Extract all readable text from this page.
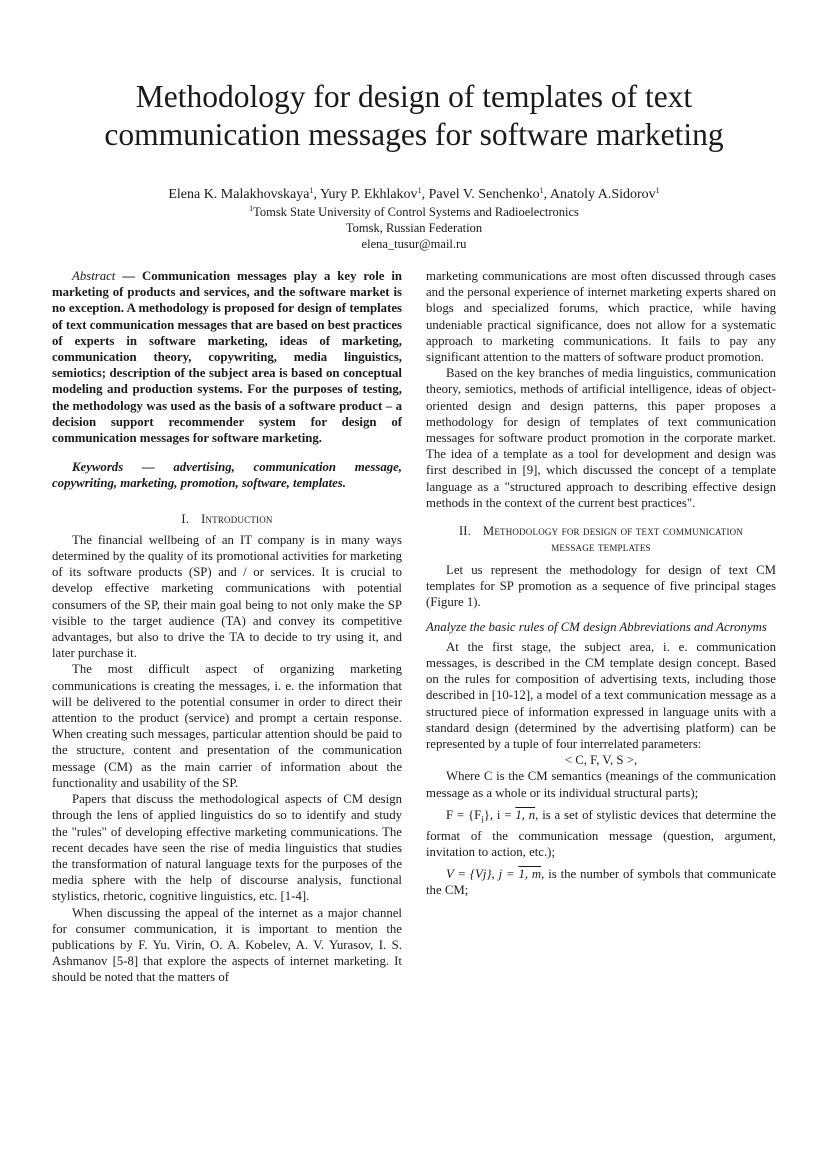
Methodology for design of templates of text communication messages for software marketing
Elena K. Malakhovskaya$^1$, Yury P. Ekhlakov$^1$, Pavel V. Senchenko$^1$, Anatoly A.Sidorov$^1$
$^1$Tomsk State University of Control Systems and Radioelectronics
Tomsk, Russian Federation
elena_tusur@mail.ru

Abstract — Communication messages play a key role in marketing of products and services, and the software market is no exception. A methodology is proposed for design of templates of text communication messages that are based on best practices of experts in software marketing, ideas of marketing, communication theory, copywriting, media linguistics, semiotics; description of the subject area is based on conceptual modeling and production systems. For the purposes of testing, the methodology was used as the basis of a software product – a decision support recommender system for design of communication messages for software marketing.

Keywords — advertising, communication message, copywriting, marketing, promotion, software, templates.

I. Introduction

The financial wellbeing of an IT company is in many ways determined by the quality of its promotional activities for marketing of its software products (SP) and / or services. It is crucial to develop effective marketing communications with potential consumers of the SP, their main goal being to not only make the SP visible to the target audience (TA) and convey its competitive advantages, but also to drive the TA to decide to try using it, and later purchase it.

The most difficult aspect of organizing marketing communications is creating the messages, i. e. the information that will be delivered to the potential consumer in order to direct their attention to the product (service) and prompt a certain response. When creating such messages, particular attention should be paid to the structure, content and presentation of the communication message (CM) as the main carrier of information about the functionality and usability of the SP.

Papers that discuss the methodological aspects of CM design through the lens of applied linguistics do so to identify and study the "rules" of developing effective marketing communications. The recent decades have seen the rise of media linguistics that studies the transformation of natural language texts for the purposes of the media sphere with the help of discourse analysis, functional stylistics, rhetoric, cognitive linguistics, etc. [1-4].

When discussing the appeal of the internet as a major channel for consumer communication, it is important to mention the publications by F. Yu. Virin, O. A. Kobelev, A. V. Yurasov, I. S. Ashmanov [5-8] that explore the aspects of internet marketing. It should be noted that the matters of

marketing communications are most often discussed through cases and the personal experience of internet marketing experts shared on blogs and specialized forums, which practice, while having undeniable practical significance, does not allow for a systematic approach to marketing communications. It fails to pay any significant attention to the matters of software product promotion.

Based on the key branches of media linguistics, communication theory, semiotics, methods of artificial intelligence, ideas of object-oriented design and design patterns, this paper proposes a methodology for design of templates of text communication messages for software product promotion in the corporate market. The idea of a template as a tool for development and design was first described in [9], which discussed the concept of a template language as a "structured approach to describing effective design methods in the context of the current best practices".

II. Methodology for design of text communication
message templates

Let us represent the methodology for design of text CM templates for SP promotion as a sequence of five principal stages (Figure 1).

Analyze the basic rules of CM design Abbreviations and Acronyms

At the first stage, the subject area, i. e. communication messages, is described in the CM template design concept. Based on the rules for composition of advertising texts, including those described in [10-12], a model of a text communication message as a structured piece of information expressed in language units with a standard design (determined by the advertising platform) can be represented by a tuple of four interrelated parameters:

< C, F, V, S >,

Where C is the CM semantics (meanings of the communication message as a whole or its individual structural parts);

$F = \{F_i\}$, i = 1, n, is a set of stylistic devices that determine the format of the communication message (question, argument, invitation to action, etc.);

V = {Vj}, j = 1, m, is the number of symbols that communicate the CM;
